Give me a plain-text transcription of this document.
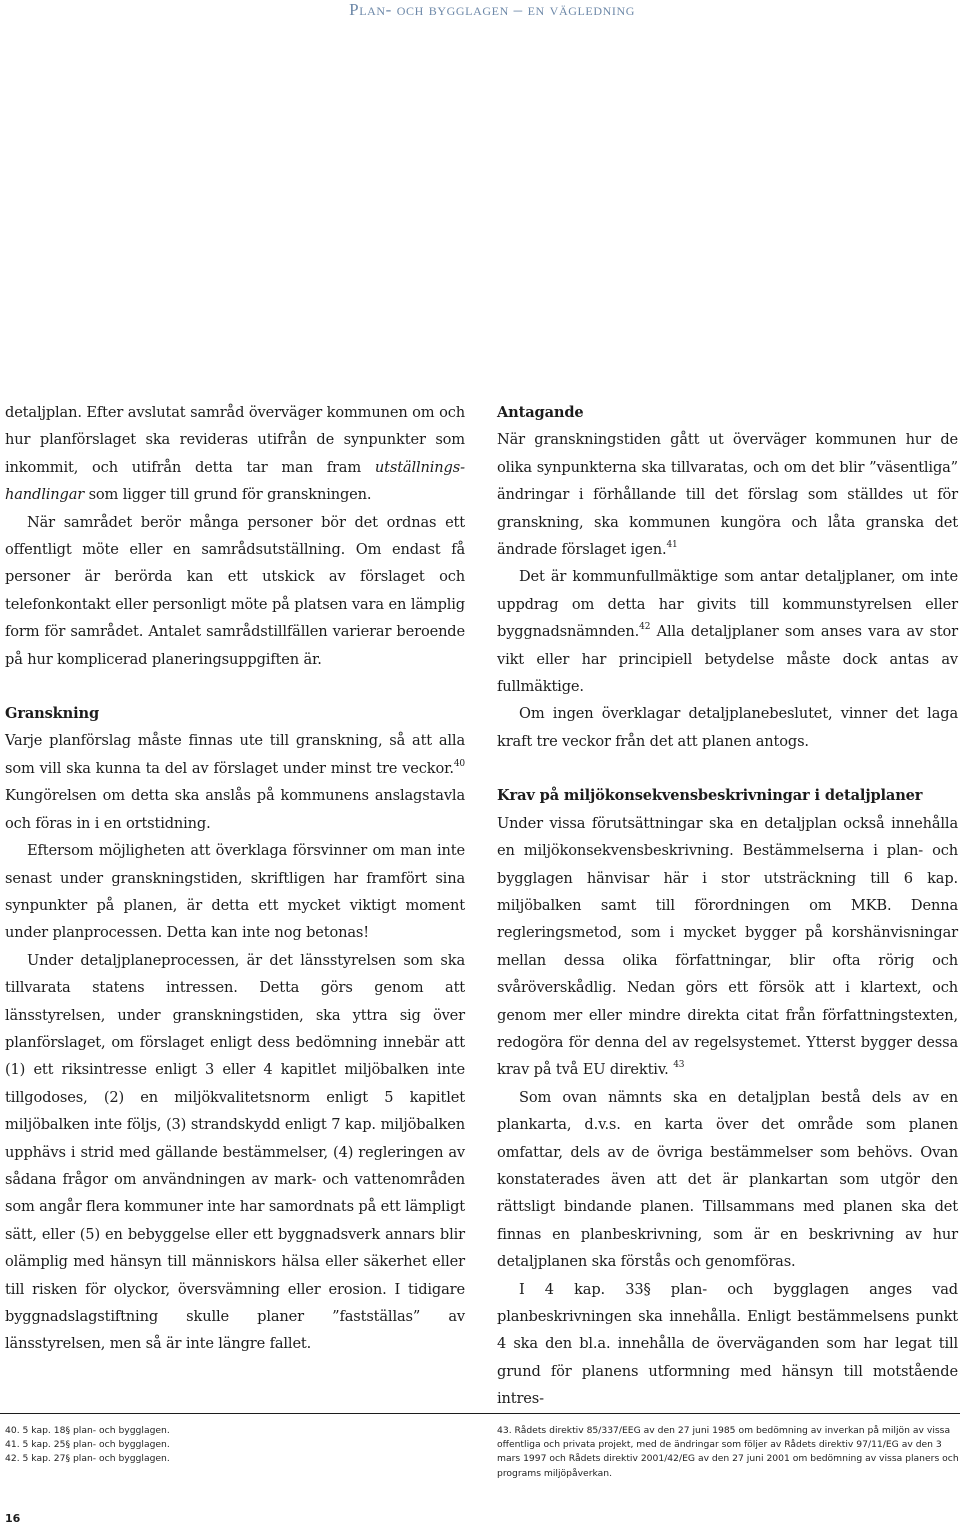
Plan- och bygglagen – en vägledning

detaljplan. Efter avslutat samråd överväger kommunen om och hur planförslaget ska revideras utifrån de synpunkter som inkommit, och utifrån detta tar man fram utställningshandlingar som ligger till grund för granskningen.

När samrådet berör många personer bör det ordnas ett offentligt möte eller en samrådsutställning. Om endast få personer är berörda kan ett utskick av förslaget och telefonkontakt eller personligt möte på platsen vara en lämplig form för samrådet. Antalet samrådstillfällen varierar beroende på hur komplicerad planeringsuppgiften är.

Granskning

Varje planförslag måste finnas ute till granskning, så att alla som vill ska kunna ta del av förslaget under minst tre veckor.$^{40}$ Kungörelsen om detta ska anslås på kommunens anslagstavla och föras in i en ortstidning.

Eftersom möjligheten att överklaga försvinner om man inte senast under granskningstiden, skriftligen har framfört sina synpunkter på planen, är detta ett mycket viktigt moment under planprocessen. Detta kan inte nog betonas!

Under detaljplaneprocessen, är det länsstyrelsen som ska tillvarata statens intressen. Detta görs genom att länsstyrelsen, under granskningstiden, ska yttra sig över planförslaget, om förslaget enligt dess bedömning innebär att (1) ett riksintresse enligt 3 eller 4 kapitlet miljöbalken inte tillgodoses, (2) en miljökvalitetsnorm enligt 5 kapitlet miljöbalken inte följs, (3) strandskydd enligt 7 kap. miljöbalken upphävs i strid med gällande bestämmelser, (4) regleringen av sådana frågor om användningen av mark- och vattenområden som angår flera kommuner inte har samordnats på ett lämpligt sätt, eller (5) en bebyggelse eller ett byggnadsverk annars blir olämplig med hänsyn till människors hälsa eller säkerhet eller till risken för olyckor, översvämning eller erosion. I tidigare byggnadslagstiftning skulle planer ”fastställas” av länsstyrelsen, men så är inte längre fallet.

Antagande

När granskningstiden gått ut överväger kommunen hur de olika synpunkterna ska tillvaratas, och om det blir ”väsentliga” ändringar i förhållande till det förslag som ställdes ut för granskning, ska kommunen kungöra och låta granska det ändrade förslaget igen.$^{41}$

Det är kommunfullmäktige som antar detaljplaner, om inte uppdrag om detta har givits till kommunstyrelsen eller byggnadsnämnden.$^{42}$ Alla detaljplaner som anses vara av stor vikt eller har principiell betydelse måste dock antas av fullmäktige.

Om ingen överklagar detaljplanebeslutet, vinner det laga kraft tre veckor från det att planen antogs.

Krav på miljökonsekvensbeskrivningar i detaljplaner

Under vissa förutsättningar ska en detaljplan också innehålla en miljökonsekvensbeskrivning. Bestämmelserna i plan- och bygglagen hänvisar här i stor utsträckning till 6 kap. miljöbalken samt till förordningen om MKB. Denna regleringsmetod, som i mycket bygger på korshänvisningar mellan dessa olika författningar, blir ofta rörig och svåröverskådlig. Nedan görs ett försök att i klartext, och genom mer eller mindre direkta citat från författningstexten, redogöra för denna del av regelsystemet. Ytterst bygger dessa krav på två EU direktiv. $^{43}$

Som ovan nämnts ska en detaljplan bestå dels av en plankarta, d.v.s. en karta över det område som planen omfattar, dels av de övriga bestämmelser som behövs. Ovan konstaterades även att det är plankartan som utgör den rättsligt bindande planen. Tillsammans med planen ska det finnas en planbeskrivning, som är en beskrivning av hur detaljplanen ska förstås och genomföras.

I 4 kap. 33§ plan- och bygglagen anges vad planbeskrivningen ska innehålla. Enligt bestämmelsens punkt 4 ska den bl.a. innehålla de överväganden som har legat till grund för planens utformning med hänsyn till motstående intres-

40. 5 kap. 18§ plan- och bygglagen.

41. 5 kap. 25§ plan- och bygglagen.

42. 5 kap. 27§ plan- och bygglagen.

43. Rådets direktiv 85/337/EEG av den 27 juni 1985 om bedömning av inverkan på miljön av vissa offentliga och privata projekt, med de ändringar som följer av Rådets direktiv 97/11/EG av den 3 mars 1997 och Rådets direktiv 2001/42/EG av den 27 juni 2001 om bedömning av vissa planers och programs miljöpåverkan.

16
